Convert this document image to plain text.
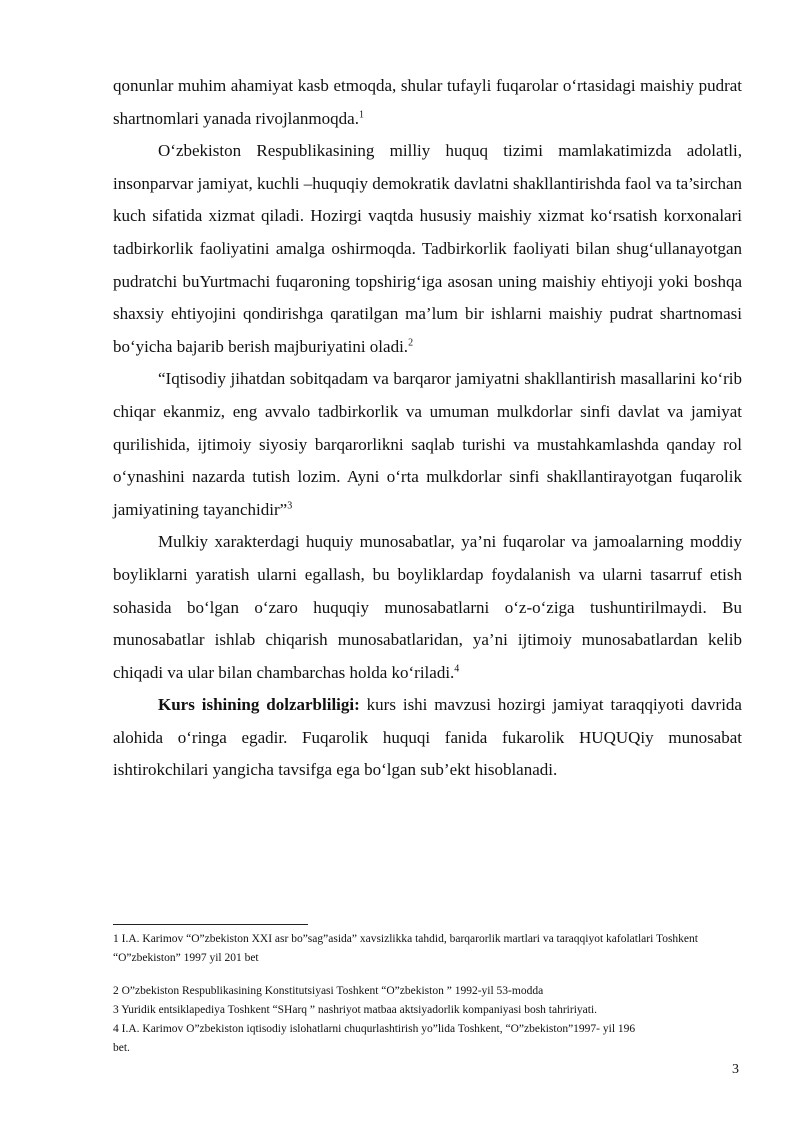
qonunlar muhim ahamiyat kasb etmoqda, shular tufayli fuqarolar o‘rtasidagi maishiy pudrat shartnomlari yanada rivojlanmoqda.$^1$

O‘zbekiston Respublikasining milliy huquq tizimi mamlakatimizda adolatli, insonparvar jamiyat, kuchli –huquqiy demokratik davlatni shakllantirishda faol va ta’sirchan kuch sifatida xizmat qiladi. Hozirgi vaqtda hususiy maishiy xizmat ko‘rsatish korxonalari tadbirkorlik faoliyatini amalga oshirmoqda. Tadbirkorlik faoliyati bilan shug‘ullanayotgan pudratchi buYurtmachi fuqaroning topshirig‘iga asosan uning maishiy ehtiyoji yoki boshqa shaxsiy ehtiyojini qondirishga qaratilgan ma’lum bir ishlarni maishiy pudrat shartnomasi bo‘yicha bajarib berish majburiyatini oladi.$^2$

“Iqtisodiy jihatdan sobitqadam va barqaror jamiyatni shakllantirish masallarini ko‘rib chiqar ekanmiz, eng avvalo tadbirkorlik va umuman mulkdorlar sinfi davlat va jamiyat qurilishida, ijtimoiy siyosiy barqarorlikni saqlab turishi va mustahkamlashda qanday rol o‘ynashini nazarda tutish lozim. Ayni o‘rta mulkdorlar sinfi shakllantirayotgan fuqarolik jamiyatining tayanchidir”$^3$

Mulkiy xarakterdagi huquiy munosabatlar, ya’ni fuqarolar va jamoalarning moddiy boyliklarni yaratish ularni egallash, bu boyliklardap foydalanish va ularni tasarruf etish sohasida bo‘lgan o‘zaro huquqiy munosabatlarni o‘z-o‘ziga tushuntirilmaydi. Bu munosabatlar ishlab chiqarish munosabatlaridan, ya’ni ijtimoiy munosabatlardan kelib chiqadi va ular bilan chambarchas holda ko‘riladi.$^4$

Kurs ishining dolzarbliligi: kurs ishi mavzusi hozirgi jamiyat taraqqiyoti davrida alohida o‘ringa egadir. Fuqarolik huquqi fanida fukarolik HUQUQiy munosabat ishtirokchilari yangicha tavsifga ega bo‘lgan sub’ekt hisoblanadi.

1 I.A. Karimov “O”zbekiston XXI asr bo”sag”asida” xavsizlikka tahdid, barqarorlik martlari va taraqqiyot kafolatlari Toshkent

“O”zbekiston” 1997 yil 201 bet

2 O”zbekiston Respublikasining Konstitutsiyasi Toshkent “O”zbekiston ” 1992-yil 53-modda

3 Yuridik entsiklapediya Toshkent “SHarq ” nashriyot matbaa aktsiyadorlik kompaniyasi bosh tahririyati.

4 I.A. Karimov O”zbekiston iqtisodiy islohatlarni chuqurlashtirish yo”lida Toshkent, “O”zbekiston”1997- yil 196

bet.

3
